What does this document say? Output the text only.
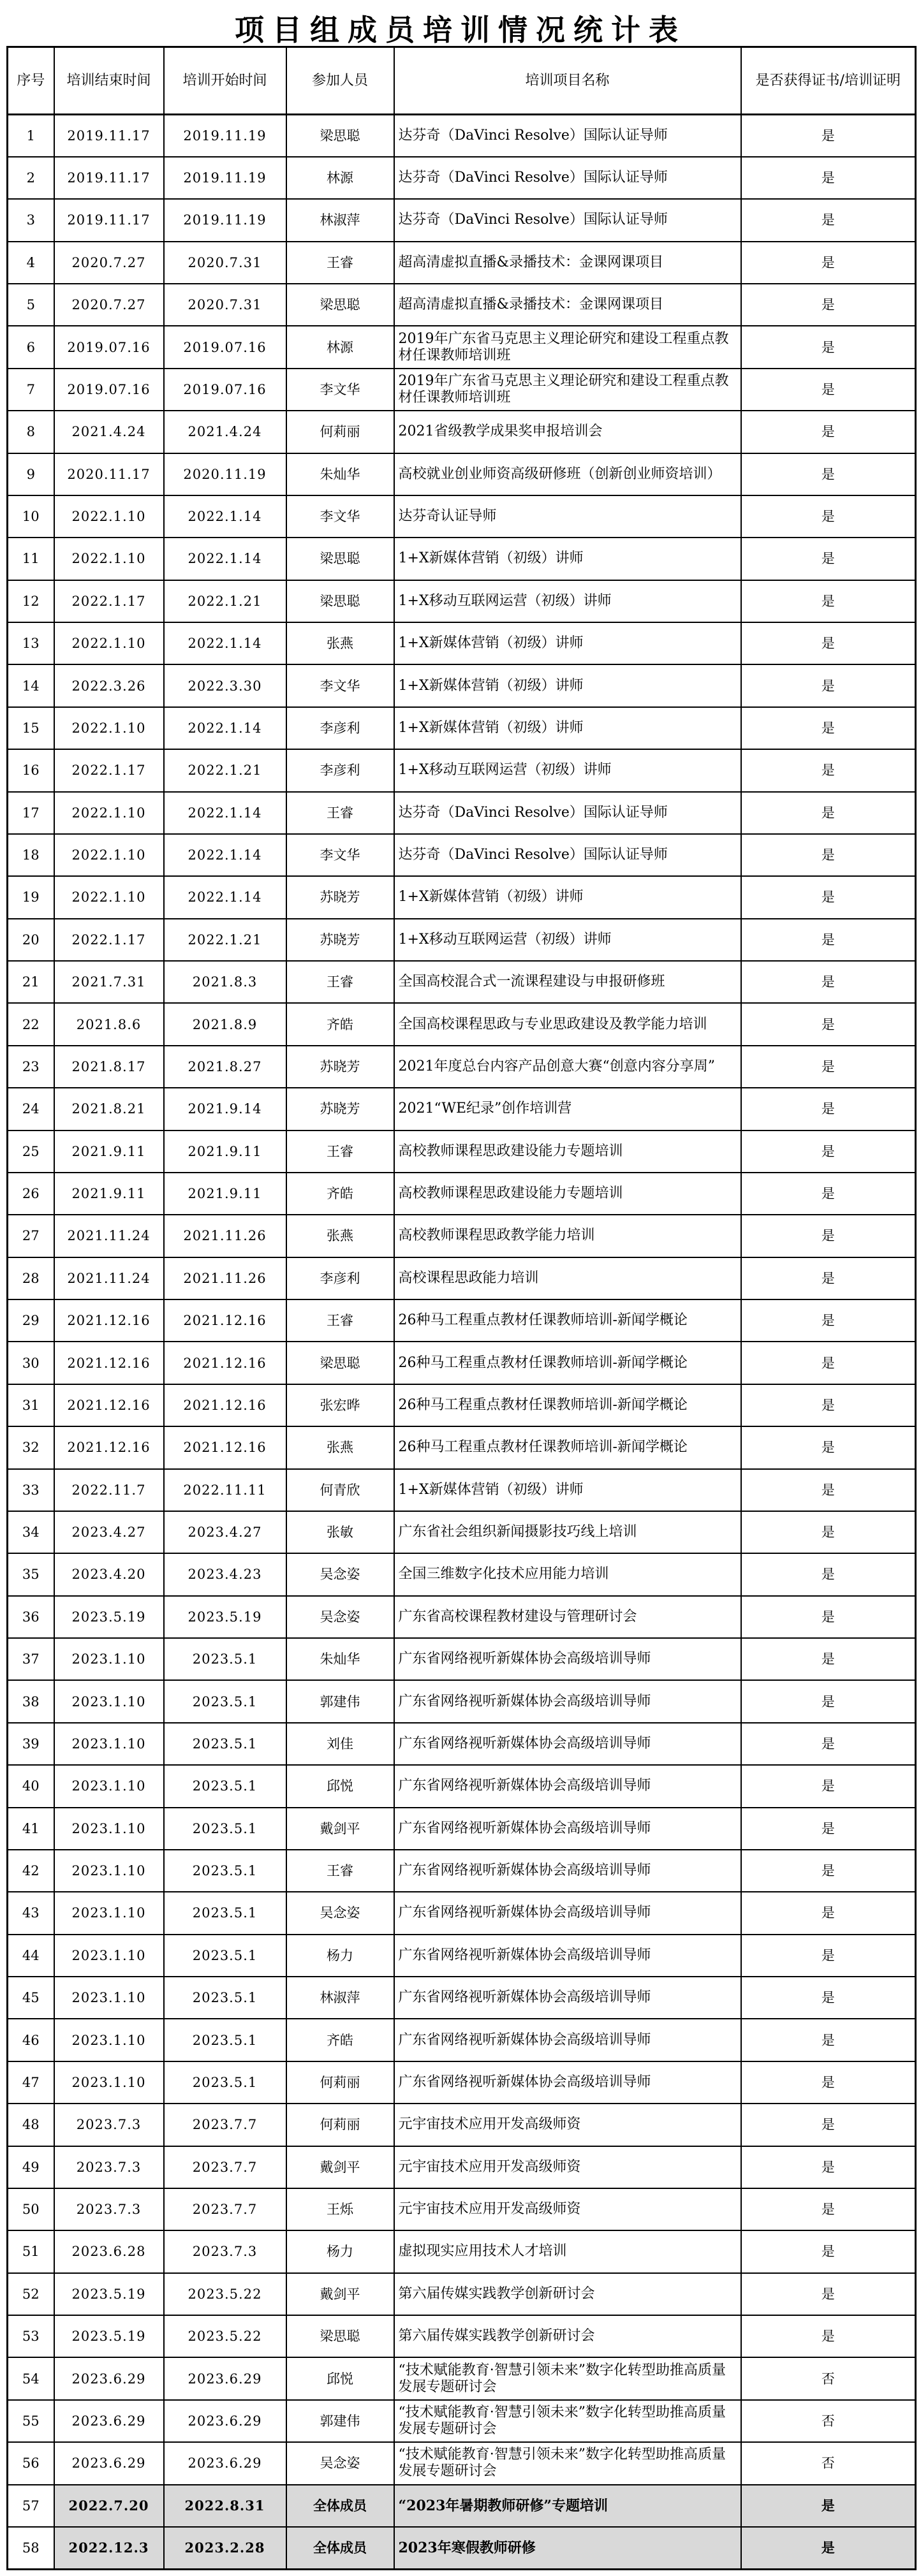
项目组成员培训情况统计表
序号	培训结束时间	培训开始时间	参加人员	培训项目名称	是否获得证书/培训证明
1	2019.11.17	2019.11.19	梁思聪	达芬奇（DaVinci Resolve）国际认证导师	是
2	2019.11.17	2019.11.19	林源	达芬奇（DaVinci Resolve）国际认证导师	是
3	2019.11.17	2019.11.19	林淑萍	达芬奇（DaVinci Resolve）国际认证导师	是
4	2020.7.27	2020.7.31	王睿	超高清虚拟直播&录播技术：金课网课项目	是
5	2020.7.27	2020.7.31	梁思聪	超高清虚拟直播&录播技术：金课网课项目	是
6	2019.07.16	2019.07.16	林源	2019年广东省马克思主义理论研究和建设工程重点教材任课教师培训班	是
7	2019.07.16	2019.07.16	李文华	2019年广东省马克思主义理论研究和建设工程重点教材任课教师培训班	是
8	2021.4.24	2021.4.24	何莉丽	2021省级教学成果奖申报培训会	是
9	2020.11.17	2020.11.19	朱灿华	高校就业创业师资高级研修班（创新创业师资培训）	是
10	2022.1.10	2022.1.14	李文华	达芬奇认证导师	是
11	2022.1.10	2022.1.14	梁思聪	1+X新媒体营销（初级）讲师	是
12	2022.1.17	2022.1.21	梁思聪	1+X移动互联网运营（初级）讲师	是
13	2022.1.10	2022.1.14	张燕	1+X新媒体营销（初级）讲师	是
14	2022.3.26	2022.3.30	李文华	1+X新媒体营销（初级）讲师	是
15	2022.1.10	2022.1.14	李彦利	1+X新媒体营销（初级）讲师	是
16	2022.1.17	2022.1.21	李彦利	1+X移动互联网运营（初级）讲师	是
17	2022.1.10	2022.1.14	王睿	达芬奇（DaVinci Resolve）国际认证导师	是
18	2022.1.10	2022.1.14	李文华	达芬奇（DaVinci Resolve）国际认证导师	是
19	2022.1.10	2022.1.14	苏晓芳	1+X新媒体营销（初级）讲师	是
20	2022.1.17	2022.1.21	苏晓芳	1+X移动互联网运营（初级）讲师	是
21	2021.7.31	2021.8.3	王睿	全国高校混合式一流课程建设与申报研修班	是
22	2021.8.6	2021.8.9	齐皓	全国高校课程思政与专业思政建设及教学能力培训	是
23	2021.8.17	2021.8.27	苏晓芳	2021年度总台内容产品创意大赛“创意内容分享周”	是
24	2021.8.21	2021.9.14	苏晓芳	2021“WE纪录”创作培训营	是
25	2021.9.11	2021.9.11	王睿	高校教师课程思政建设能力专题培训	是
26	2021.9.11	2021.9.11	齐皓	高校教师课程思政建设能力专题培训	是
27	2021.11.24	2021.11.26	张燕	高校教师课程思政教学能力培训	是
28	2021.11.24	2021.11.26	李彦利	高校课程思政能力培训	是
29	2021.12.16	2021.12.16	王睿	26种马工程重点教材任课教师培训-新闻学概论	是
30	2021.12.16	2021.12.16	梁思聪	26种马工程重点教材任课教师培训-新闻学概论	是
31	2021.12.16	2021.12.16	张宏晔	26种马工程重点教材任课教师培训-新闻学概论	是
32	2021.12.16	2021.12.16	张燕	26种马工程重点教材任课教师培训-新闻学概论	是
33	2022.11.7	2022.11.11	何青欣	1+X新媒体营销（初级）讲师	是
34	2023.4.27	2023.4.27	张敏	广东省社会组织新闻摄影技巧线上培训	是
35	2023.4.20	2023.4.23	吴念姿	全国三维数字化技术应用能力培训	是
36	2023.5.19	2023.5.19	吴念姿	广东省高校课程教材建设与管理研讨会	是
37	2023.1.10	2023.5.1	朱灿华	广东省网络视听新媒体协会高级培训导师	是
38	2023.1.10	2023.5.1	郭建伟	广东省网络视听新媒体协会高级培训导师	是
39	2023.1.10	2023.5.1	刘佳	广东省网络视听新媒体协会高级培训导师	是
40	2023.1.10	2023.5.1	邱悦	广东省网络视听新媒体协会高级培训导师	是
41	2023.1.10	2023.5.1	戴剑平	广东省网络视听新媒体协会高级培训导师	是
42	2023.1.10	2023.5.1	王睿	广东省网络视听新媒体协会高级培训导师	是
43	2023.1.10	2023.5.1	吴念姿	广东省网络视听新媒体协会高级培训导师	是
44	2023.1.10	2023.5.1	杨力	广东省网络视听新媒体协会高级培训导师	是
45	2023.1.10	2023.5.1	林淑萍	广东省网络视听新媒体协会高级培训导师	是
46	2023.1.10	2023.5.1	齐皓	广东省网络视听新媒体协会高级培训导师	是
47	2023.1.10	2023.5.1	何莉丽	广东省网络视听新媒体协会高级培训导师	是
48	2023.7.3	2023.7.7	何莉丽	元宇宙技术应用开发高级师资	是
49	2023.7.3	2023.7.7	戴剑平	元宇宙技术应用开发高级师资	是
50	2023.7.3	2023.7.7	王烁	元宇宙技术应用开发高级师资	是
51	2023.6.28	2023.7.3	杨力	虚拟现实应用技术人才培训	是
52	2023.5.19	2023.5.22	戴剑平	第六届传媒实践教学创新研讨会	是
53	2023.5.19	2023.5.22	梁思聪	第六届传媒实践教学创新研讨会	是
54	2023.6.29	2023.6.29	邱悦	“技术赋能教育·智慧引领未来”数字化转型助推高质量发展专题研讨会	否
55	2023.6.29	2023.6.29	郭建伟	“技术赋能教育·智慧引领未来”数字化转型助推高质量发展专题研讨会	否
56	2023.6.29	2023.6.29	吴念姿	“技术赋能教育·智慧引领未来”数字化转型助推高质量发展专题研讨会	否
57	2022.7.20	2022.8.31	全体成员	“2023年暑期教师研修”专题培训	是
58	2022.12.3	2023.2.28	全体成员	2023年寒假教师研修	是
